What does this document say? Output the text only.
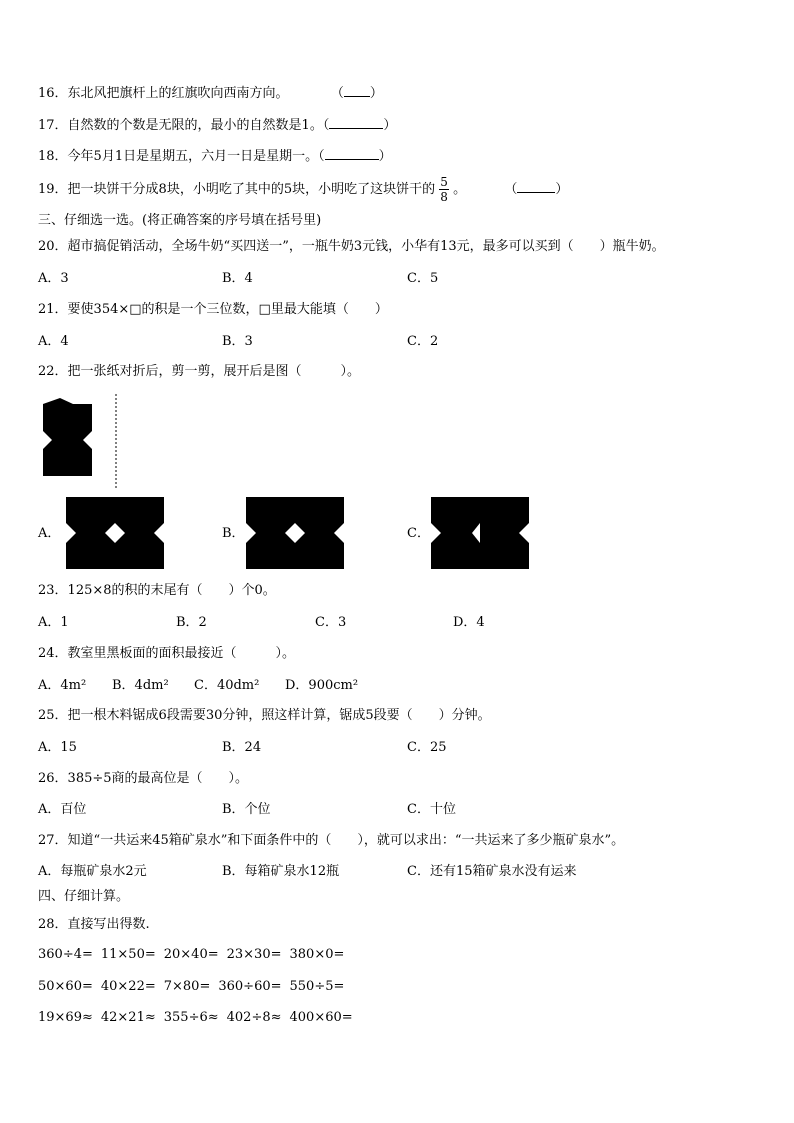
16．东北风把旗杆上的红旗吹向西南方向。	（ ）
17．自然数的个数是无限的，最小的自然数是1。（	）
18．今年5月1日是星期五，六月一日是星期一。（	）
19．把一块饼干分成8块，小明吃了其中的5块，小明吃了这块饼干的 $\frac{5}{8}$ 。	（	）
三、仔细选一选。(将正确答案的序号填在括号里)
20．超市搞促销活动，全场牛奶“买四送一”，一瓶牛奶3元钱，小华有13元，最多可以买到（　　）瓶牛奶。
A．3	B．4	C．5
21．要使354×□的积是一个三位数，□里最大能填（　　）
A．4	B．3	C．2
22．把一张纸对折后，剪一剪，展开后是图（　　　）。
A．	B．	C．
23．125×8的积的末尾有（　　）个0。
A．1	B．2	C．3	D．4
24．教室里黑板面的面积最接近（　　　）。
A．4m² B．4dm² C．40dm² D．900cm²
25．把一根木料锯成6段需要30分钟，照这样计算，锯成5段要（　　）分钟。
A．15	B．24	C．25
26．385÷5商的最高位是（　　）。
A．百位	B．个位	C．十位
27．知道“一共运来45箱矿泉水”和下面条件中的（　　），就可以求出：“一共运来了多少瓶矿泉水”。
A．每瓶矿泉水2元	B．每箱矿泉水12瓶	C．还有15箱矿泉水没有运来
四、仔细计算。
28．直接写出得数.
360÷4= 11×50= 20×40= 23×30= 380×0=
50×60= 40×22= 7×80= 360÷60= 550÷5=
19×69≈ 42×21≈ 355÷6≈ 402÷8≈ 400×60=
